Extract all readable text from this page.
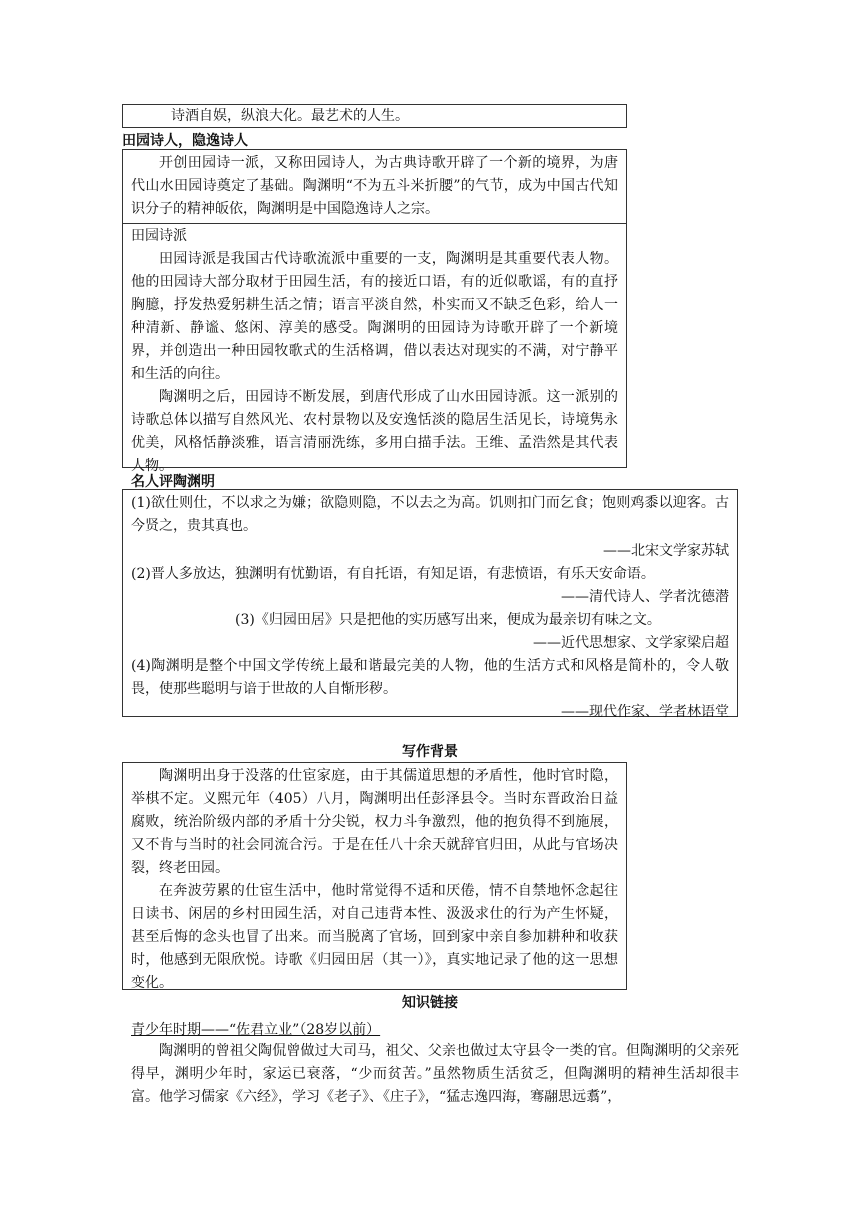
诗酒自娱，纵浪大化。最艺术的人生。

田园诗人，隐逸诗人

开创田园诗一派，又称田园诗人，为古典诗歌开辟了一个新的境界，为唐代山水田园诗奠定了基础。陶渊明“不为五斗米折腰”的气节，成为中国古代知识分子的精神皈依，陶渊明是中国隐逸诗人之宗。

田园诗派

田园诗派是我国古代诗歌流派中重要的一支，陶渊明是其重要代表人物。他的田园诗大部分取材于田园生活，有的接近口语，有的近似歌谣，有的直抒胸臆，抒发热爱躬耕生活之情；语言平淡自然，朴实而又不缺乏色彩，给人一种清新、静谧、悠闲、淳美的感受。陶渊明的田园诗为诗歌开辟了一个新境界，并创造出一种田园牧歌式的生活格调，借以表达对现实的不满，对宁静平和生活的向往。

陶渊明之后，田园诗不断发展，到唐代形成了山水田园诗派。这一派别的诗歌总体以描写自然风光、农村景物以及安逸恬淡的隐居生活见长，诗境隽永优美，风格恬静淡雅，语言清丽洗练，多用白描手法。王维、孟浩然是其代表人物。

名人评陶渊明

(1)欲仕则仕，不以求之为嫌；欲隐则隐，不以去之为高。饥则扣门而乞食；饱则鸡黍以迎客。古今贤之，贵其真也。

——北宋文学家苏轼

(2)晋人多放达，独渊明有忧勤语，有自托语，有知足语，有悲愤语，有乐天安命语。

——清代诗人、学者沈德潜

(3)《归园田居》只是把他的实历感写出来，便成为最亲切有味之文。

——近代思想家、文学家梁启超

(4)陶渊明是整个中国文学传统上最和谐最完美的人物，他的生活方式和风格是简朴的，令人敬畏，使那些聪明与谙于世故的人自惭形秽。

——现代作家、学者林语堂

写作背景

陶渊明出身于没落的仕宦家庭，由于其儒道思想的矛盾性，他时官时隐，举棋不定。义熙元年（405）八月，陶渊明出任彭泽县令。当时东晋政治日益腐败，统治阶级内部的矛盾十分尖锐，权力斗争激烈，他的抱负得不到施展，又不肯与当时的社会同流合污。于是在任八十余天就辞官归田，从此与官场决裂，终老田园。

在奔波劳累的仕宦生活中，他时常觉得不适和厌倦，情不自禁地怀念起往日读书、闲居的乡村田园生活，对自己违背本性、汲汲求仕的行为产生怀疑，甚至后悔的念头也冒了出来。而当脱离了官场，回到家中亲自参加耕种和收获时，他感到无限欣悦。诗歌《归园田居（其一）》，真实地记录了他的这一思想变化。

知识链接
青少年时期——“佐君立业”（28岁以前）

陶渊明的曾祖父陶侃曾做过大司马，祖父、父亲也做过太守县令一类的官。但陶渊明的父亲死得早，渊明少年时，家运已衰落，“少而贫苦。”虽然物质生活贫乏，但陶渊明的精神生活却很丰富。他学习儒家《六经》，学习《老子》、《庄子》，“猛志逸四海，骞翮思远翥”，
